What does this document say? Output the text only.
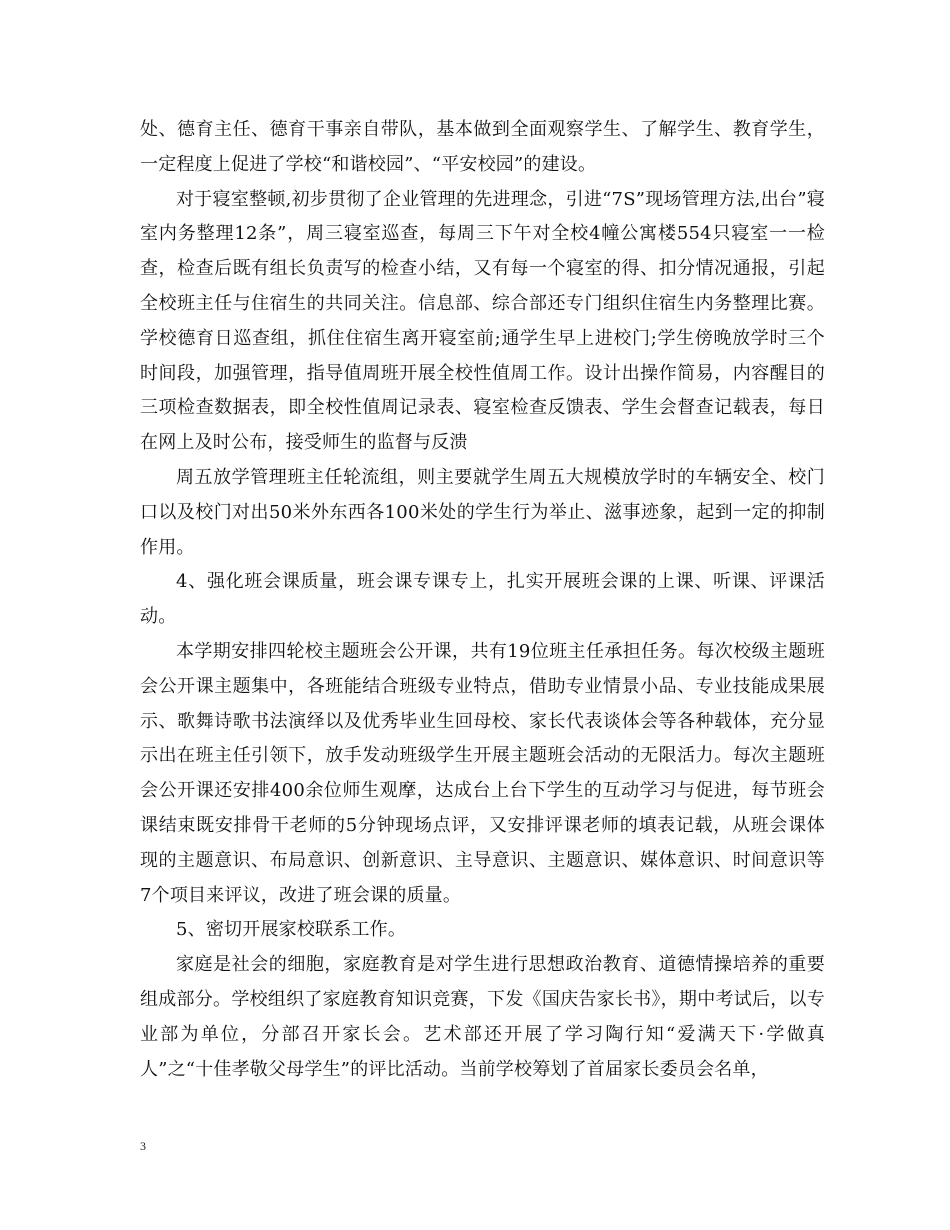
处、德育主任、德育干事亲自带队，基本做到全面观察学生、了解学生、教育学生，一定程度上促进了学校“和谐校园”、“平安校园”的建设。

对于寝室整顿,初步贯彻了企业管理的先进理念，引进“7S”现场管理方法,出台”寝室内务整理12条”，周三寝室巡查，每周三下午对全校4幢公寓楼554只寝室一一检查，检查后既有组长负责写的检查小结，又有每一个寝室的得、扣分情况通报，引起全校班主任与住宿生的共同关注。信息部、综合部还专门组织住宿生内务整理比赛。学校德育日巡查组，抓住住宿生离开寝室前;通学生早上进校门;学生傍晚放学时三个时间段，加强管理，指导值周班开展全校性值周工作。设计出操作简易，内容醒目的三项检查数据表，即全校性值周记录表、寝室检查反馈表、学生会督查记载表，每日在网上及时公布，接受师生的监督与反溃

周五放学管理班主任轮流组，则主要就学生周五大规模放学时的车辆安全、校门口以及校门对出50米外东西各100米处的学生行为举止、滋事迹象，起到一定的抑制作用。

4、强化班会课质量，班会课专课专上，扎实开展班会课的上课、听课、评课活动。

本学期安排四轮校主题班会公开课，共有19位班主任承担任务。每次校级主题班会公开课主题集中，各班能结合班级专业特点，借助专业情景小品、专业技能成果展示、歌舞诗歌书法演绎以及优秀毕业生回母校、家长代表谈体会等各种载体，充分显示出在班主任引领下，放手发动班级学生开展主题班会活动的无限活力。每次主题班会公开课还安排400余位师生观摩，达成台上台下学生的互动学习与促进，每节班会课结束既安排骨干老师的5分钟现场点评，又安排评课老师的填表记载，从班会课体现的主题意识、布局意识、创新意识、主导意识、主题意识、媒体意识、时间意识等7个项目来评议，改进了班会课的质量。

5、密切开展家校联系工作。

家庭是社会的细胞，家庭教育是对学生进行思想政治教育、道德情操培养的重要组成部分。学校组织了家庭教育知识竞赛，下发《国庆告家长书》，期中考试后，以专业部为单位，分部召开家长会。艺术部还开展了学习陶行知“爱满天下·学做真人”之“十佳孝敬父母学生”的评比活动。当前学校筹划了首届家长委员会名单，

3
